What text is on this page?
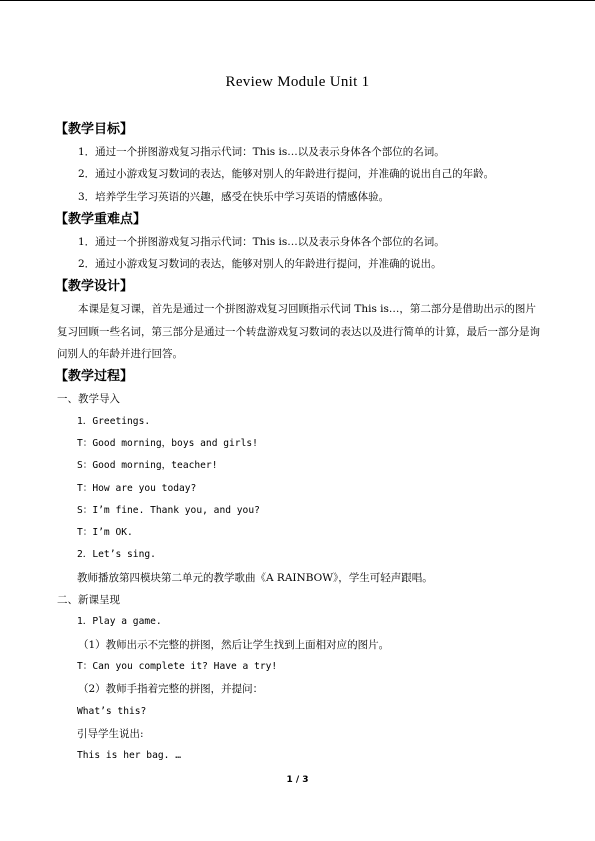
Review Module Unit 1
【教学目标】
1．通过一个拼图游戏复习指示代词：This is…以及表示身体各个部位的名词。
2．通过小游戏复习数词的表达，能够对别人的年龄进行提问，并准确的说出自己的年龄。
3．培养学生学习英语的兴趣，感受在快乐中学习英语的情感体验。
【教学重难点】
1．通过一个拼图游戏复习指示代词：This is…以及表示身体各个部位的名词。
2．通过小游戏复习数词的表达，能够对别人的年龄进行提问，并准确的说出。
【教学设计】
本课是复习课，首先是通过一个拼图游戏复习回顾指示代词 This is…，第二部分是借助出示的图片复习回顾一些名词，第三部分是通过一个转盘游戏复习数词的表达以及进行简单的计算，最后一部分是询问别人的年龄并进行回答。
【教学过程】
一、教学导入
1．Greetings.
T：Good morning，boys and girls!
S：Good morning，teacher!
T：How are you today?
S：I’m fine. Thank you, and you?
T：I’m OK.
2．Let’s sing.
教师播放第四模块第二单元的教学歌曲《A RAINBOW》，学生可轻声跟唱。
二、新课呈现
1．Play a game.
（1）教师出示不完整的拼图，然后让学生找到上面相对应的图片。
T：Can you complete it? Have a try!
（2）教师手指着完整的拼图，并提问：
What’s this?
引导学生说出:
This is her bag. …
1 / 3
